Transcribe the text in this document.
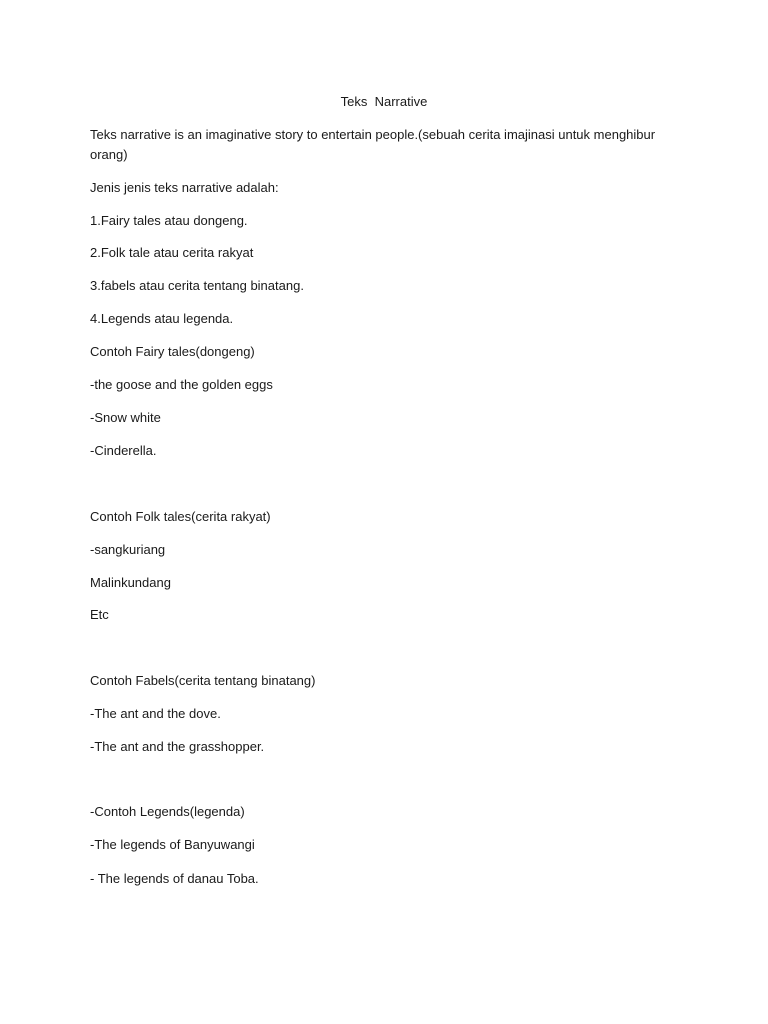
Teks  Narrative
Teks narrative is an imaginative story to entertain people.(sebuah cerita imajinasi untuk menghibur orang)
Jenis jenis teks narrative adalah:
1.Fairy tales atau dongeng.
2.Folk tale atau cerita rakyat
3.fabels atau cerita tentang binatang.
4.Legends atau legenda.
Contoh Fairy tales(dongeng)
-the goose and the golden eggs
-Snow white
-Cinderella.
Contoh Folk tales(cerita rakyat)
-sangkuriang
Malinkundang
Etc
Contoh Fabels(cerita tentang binatang)
-The ant and the dove.
-The ant and the grasshopper.
-Contoh Legends(legenda)
-The legends of Banyuwangi
- The legends of danau Toba.
